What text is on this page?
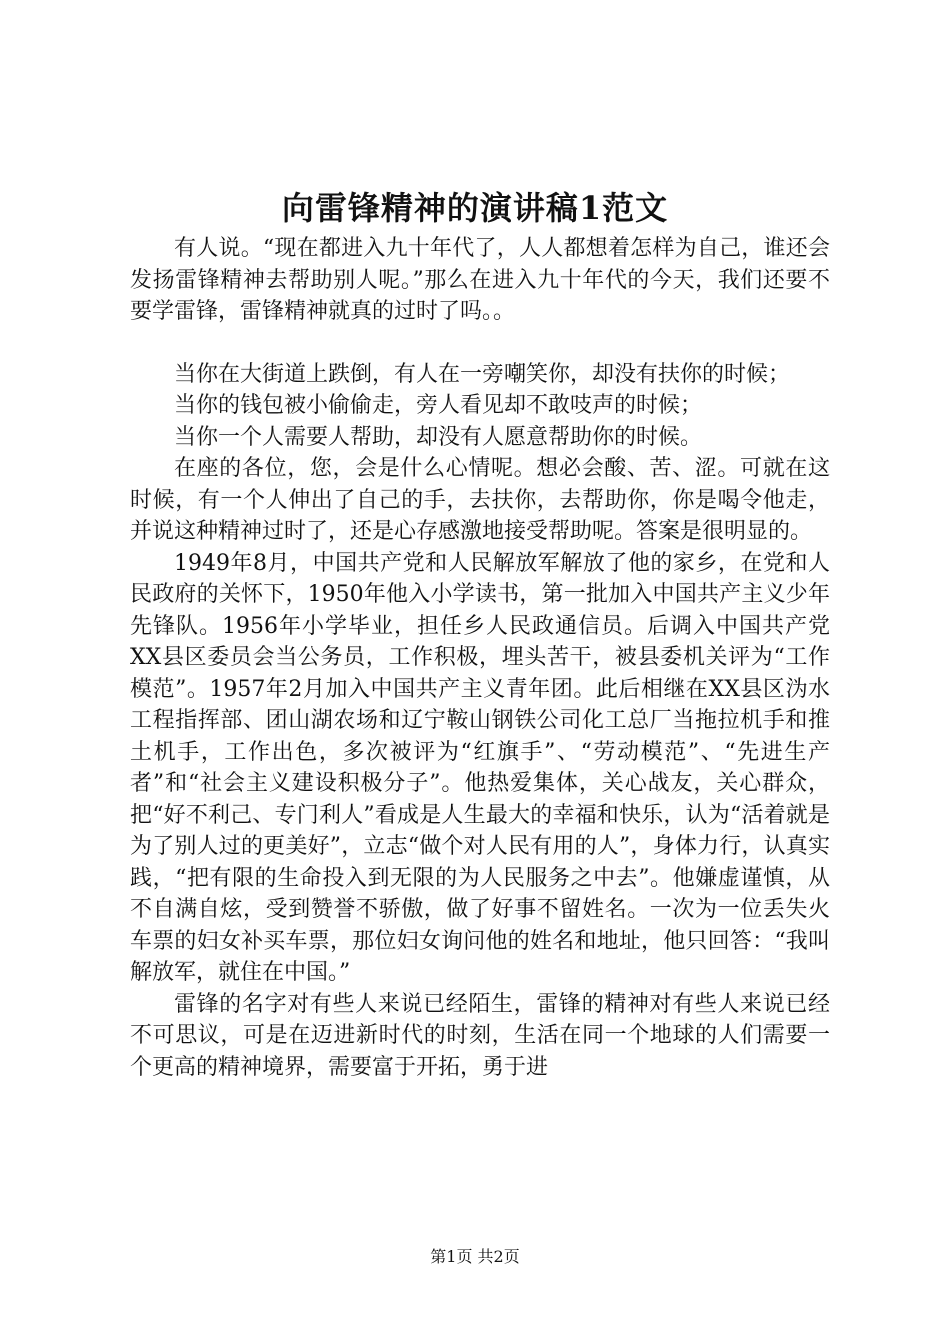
向雷锋精神的演讲稿1范文

有人说。“现在都进入九十年代了，人人都想着怎样为自己，谁还会发扬雷锋精神去帮助别人呢。”那么在进入九十年代的今天，我们还要不要学雷锋，雷锋精神就真的过时了吗。。

当你在大街道上跌倒，有人在一旁嘲笑你，却没有扶你的时候；

当你的钱包被小偷偷走，旁人看见却不敢吱声的时候；

当你一个人需要人帮助，却没有人愿意帮助你的时候。

在座的各位，您，会是什么心情呢。想必会酸、苦、涩。可就在这时候，有一个人伸出了自己的手，去扶你，去帮助你，你是喝令他走，并说这种精神过时了，还是心存感激地接受帮助呢。答案是很明显的。

1949年8月，中国共产党和人民解放军解放了他的家乡，在党和人民政府的关怀下，1950年他入小学读书，第一批加入中国共产主义少年先锋队。1956年小学毕业，担任乡人民政通信员。后调入中国共产党XX县区委员会当公务员，工作积极，埋头苦干，被县委机关评为“工作模范”。1957年2月加入中国共产主义青年团。此后相继在XX县区沩水工程指挥部、团山湖农场和辽宁鞍山钢铁公司化工总厂当拖拉机手和推土机手，工作出色，多次被评为“红旗手”、“劳动模范”、“先进生产者”和“社会主义建设积极分子”。他热爱集体，关心战友，关心群众，把“好不利己、专门利人”看成是人生最大的幸福和快乐，认为“活着就是为了别人过的更美好”，立志“做个对人民有用的人”，身体力行，认真实践，“把有限的生命投入到无限的为人民服务之中去”。他嫌虚谨慎，从不自满自炫，受到赞誉不骄傲，做了好事不留姓名。一次为一位丢失火车票的妇女补买车票，那位妇女询问他的姓名和地址，他只回答：“我叫解放军，就住在中国。”

雷锋的名字对有些人来说已经陌生，雷锋的精神对有些人来说已经不可思议，可是在迈进新时代的时刻，生活在同一个地球的人们需要一个更高的精神境界，需要富于开拓，勇于进

第1页 共2页
